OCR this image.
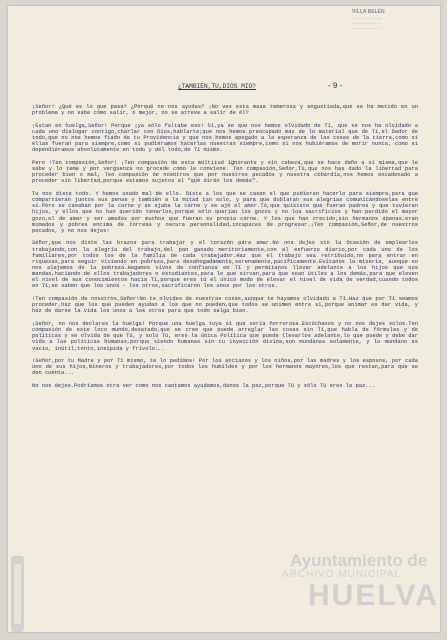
VILLA BELÉN
...........................
...........................
...........................
¿TAMBIEN,TU,DIOS MIO?	-9-

¡Señor! ¿Qué es lo que pasa? ¿Porqué no nos ayudas? ¡No ves esta masa temerosa y angustiada,que se ha metido en un problema y no sabe cómo salir, o mejor, no se atreve a salir de él?

¡Estan en huelga,Señor! Porque ¡ya sólo faltabe eso! Sí,ya se que nos hemos olvidado de Tí, que se nos ha olvidado a cada uno dialogar contigo,charlar con Dios,hablarte;que nos hemos preocupado más de lo material que de Tí,el Dador de todo,que no nos hemos fiado de tu Providencia y que nos hemos apegado a la esperanza de las cosas de la tierra,como si ellas fueran para siempre,como si pudiéramos hacerlas nuestras siempre,como si nos hubiéramos de morir nunca, como si dependiéramos absolutamente en todo y del todo,de Tí mismo.

Pero !Ten compasión,Señor! ¡Ten compasión de esta multitud ignorante y sin cabeza,que se hace daño a sí misma,que le sabe y lo teme y por verguenza no procede como le conviene. Ten compasión,Señor,Tú,que nos has dado la libertad para proceder bien o mal, Ten compasión de nosotros que por nuestros pecados y nuestra cobardía,nos hemos encadenado a proceder sin libertad,porque estamos sujetos al "qué dirán los demás".

Tu nos diste todo. Y hemos usado mal de ello. Diste a los que se casan el que pudieran hacerlo para siempre,para que compartieran juntos sus penas y también a la mitad tan solo, y para que doblaran sus alegrías comunicándoselas entre sí.Pero se casaban por la carne y se ajaba la carne y se ajó el amor.Tú,que quisiste que fueran padres y que tuvieran hijos, y ellos que no han querido tenerlos,porque sólo querían los gozos y no los sacrificios y han perdido el mayor gozo,el de amar y ser amados por muchos que fueran su propia carne. Y los que han crecido,sin hermanos apenas,eran mimados y pobres encima de torreas y oscura personalidad,incapaces de progresar.¡Ten compasión,Señor,de nuestros pecados, y no nos dejes!

Señor,que nos diste las brazos para trabajar y el corazón para amar.No nos dejes sin la Ocasión de emplearlos trabajando,con la alegría del trabajo,del pan ganado meritoriamente,con el esfuerzo diario,por cada uno de los familiares,por todos los de la familia de cada trabajador.Haz que el trabajo sea retribuido,no para entrar en riquezas,para seguir viviendo en pobreza,para desahogadamente,serenamente,pacíficamente.Evitanos la miseria, aunque no nos alejemos de la pobreza.Hagamos vivos de confianza en Tí y permítanos llevar adelante a los hijos que nos mandas,haciendo de ellos trabajadores o estudiantes,para lo que sirvan,para que sean útiles a los demás,para que eleven el nivel de sus conocimientos hacia Tí,porque eres tú el único modo de elevar el nivel de vida de verdad,cuando todos en Tí,se saben que los unos - los otros,sacrificaron los unos por los otros.

!Ten compasión de nosotros,Señor!No te olvides de nuestras cosas,aunque te hayamos olvidado a Tí.Haz que por Tí seamos proceder,haz que los que pueden ayudan a los que no pueden,que todos se animen entre sí,porque animar es dar vida, y haz de darse la vida los unos a los otros para que todo salga bien.

¡Señor, no nos declares la huelga! Porque una huelga tuya sí que sería horrorosa.Escúchanos y no nos dejes solos.Ten compasión de este loco mundo,desatado,que se cree que puede arreglar las cosas sin Tí,que habla de fórmulas y de políticas y se olvida de que Tú, y solo Tú, eres la única Política que puede llevarlos adelante,lo que puede y debe dar vida a las políticas humanas,porque siendo humanas sin tu inyección divina,son mundanas solamente, y lo mundano es vacío, inútil,tonto,insípida y frívolo...

!Señor,por tu Madre y por Tí mismo, te lo pedimos! Por los ancianos y los niños,por las madres y los esposos, por cada uno de sus hijos,mineros y trabajadores,por todos los humildes y por los hermanos mayores,los que restan,para que se den cuenta...

No nos dejes.Podríamos otra ver como nos cantamos ayudamos,danos la paz,porque Tú y sólo Tú eres la paz...

Ayuntamiento de
ARCHIVO MUNICIPAL
HUELVA
